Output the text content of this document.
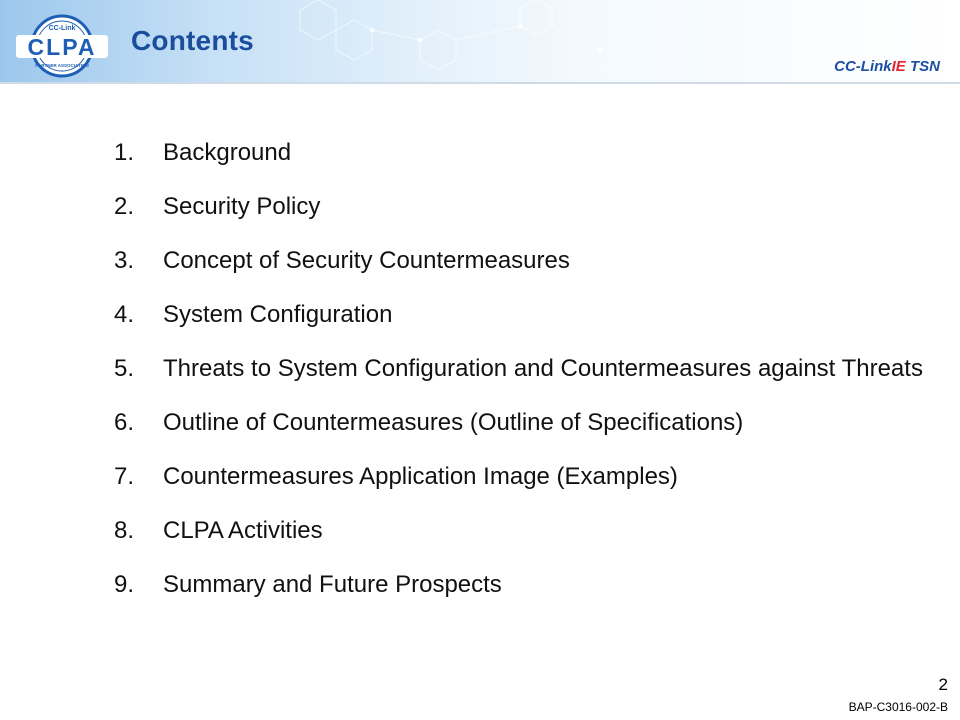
CC-Link
CLPA
PARTNER ASSOCIATION
Contents
CC-LinkIE TSN
1.	Background
2.	Security Policy
3.	Concept of Security Countermeasures
4.	System Configuration
5.	Threats to System Configuration and Countermeasures against Threats
6.	Outline of Countermeasures (Outline of Specifications)
7.	Countermeasures Application Image (Examples)
8.	CLPA Activities
9.	Summary and Future Prospects
2
BAP-C3016-002-B
